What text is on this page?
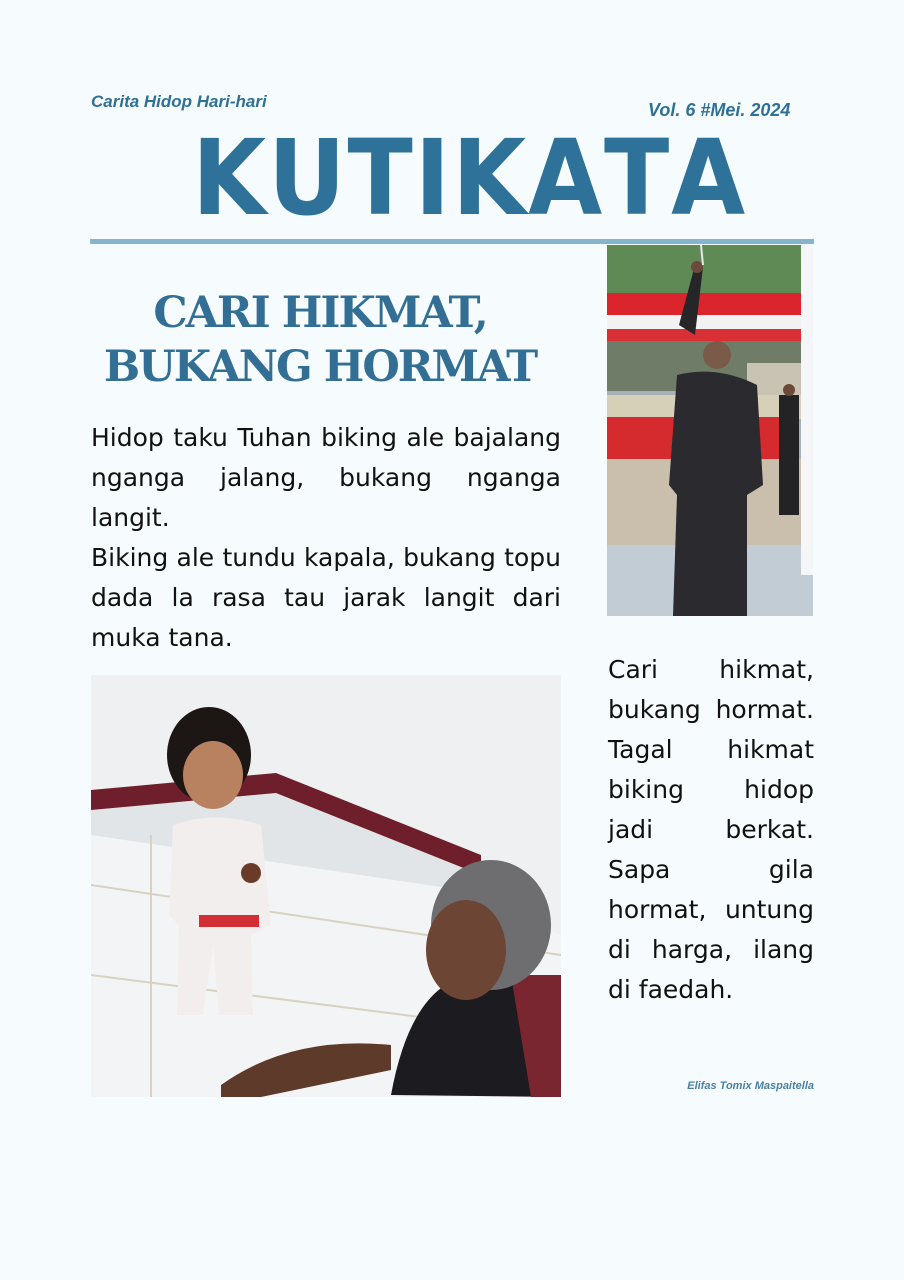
Carita Hidop Hari-hari	Vol. 6 #Mei. 2024
K U T I K A T A
CARI HIKMAT,
BUKANG HORMAT

Hidop taku Tuhan biking ale bajalang nganga jalang, bukang nganga langit.

Biking ale tundu kapala, bukang topu dada la rasa tau jarak langit dari muka tana.

Cari hikmat, bukang hormat. Tagal hikmat biking hidop jadi berkat. Sapa gila hormat, untung di harga, ilang di faedah.
Elifas Tomix Maspaitella
